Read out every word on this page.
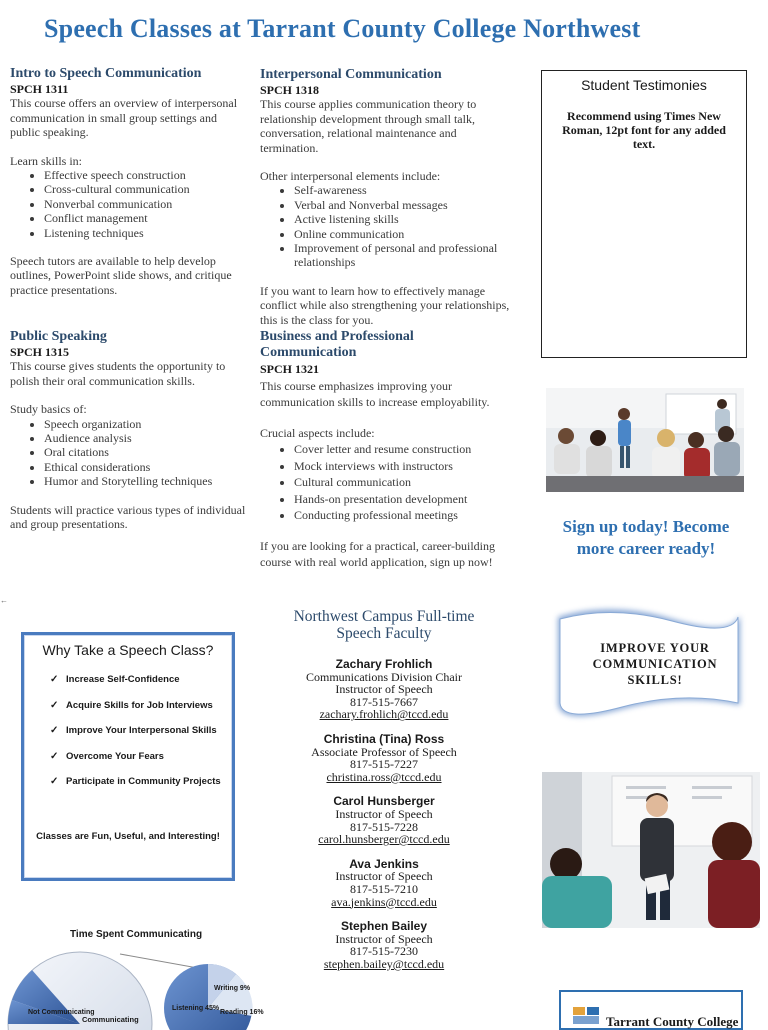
Speech Classes at Tarrant County College Northwest
Intro to Speech Communication
SPCH 1311

This course offers an overview of interpersonal communication in small group settings and public speaking.

Learn skills in:

• Effective speech construction
• Cross-cultural communication
• Nonverbal communication
• Conflict management
• Listening techniques

Speech tutors are available to help develop outlines, PowerPoint slide shows, and critique practice presentations.

Interpersonal Communication
SPCH 1318

This course applies communication theory to relationship development through small talk, conversation, relational maintenance and termination.

Other interpersonal elements include:

• Self-awareness
• Verbal and Nonverbal messages
• Active listening skills
• Online communication
• Improvement of personal and professional relationships

If you want to learn how to effectively manage conflict while also strengthening your relationships, this is the class for you.

Public Speaking
SPCH 1315

This course gives students the opportunity to polish their oral communication skills.

Study basics of:

• Speech organization
• Audience analysis
• Oral citations
• Ethical considerations
• Humor and Storytelling techniques

Students will practice various types of individual and group presentations.

Business and Professional Communication
SPCH 1321

This course emphasizes improving your communication skills to increase employability.

Crucial aspects include:

• Cover letter and resume construction
• Mock interviews with instructors
• Cultural communication
• Hands-on presentation development
• Conducting professional meetings

If you are looking for a practical, career-building course with real world application, sign up now!

Student Testimonies

Recommend using Times New Roman, 12pt font for any added text.

Sign up today! Become more career ready!
IMPROVE YOUR COMMUNICATION SKILLS!
←
Why Take a Speech Class?
✓ Increase Self-Confidence
✓ Acquire Skills for Job Interviews
✓ Improve Your Interpersonal Skills
✓ Overcome Your Fears
✓ Participate in Community Projects
Classes are Fun, Useful, and Interesting!
Northwest Campus Full-time Speech Faculty
Zachary Frohlich
Communications Division Chair
Instructor of Speech
817-515-7667
zachary.frohlich@tccd.edu
Christina (Tina) Ross
Associate Professor of Speech
817-515-7227
christina.ross@tccd.edu
Carol Hunsberger
Instructor of Speech
817-515-7228
carol.hunsberger@tccd.edu
Ava Jenkins
Instructor of Speech
817-515-7210
ava.jenkins@tccd.edu
Stephen Bailey
Instructor of Speech
817-515-7230
stephen.bailey@tccd.edu
Time Spent Communicating
Not Communicating
Communicating
Listening 45%
Writing 9%
Reading 16%
Tarrant County College
